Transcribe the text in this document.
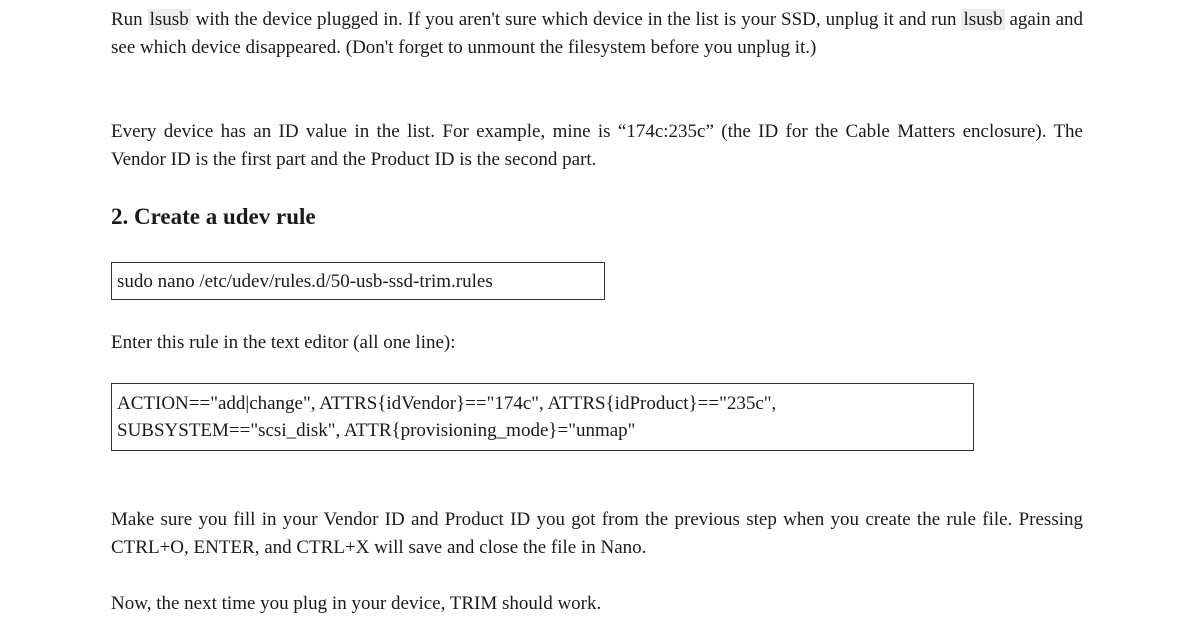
Run lsusb with the device plugged in. If you aren't sure which device in the list is your SSD, unplug it and run lsusb again and see which device disappeared. (Don't forget to unmount the filesystem before you unplug it.)

Every device has an ID value in the list. For example, mine is “174c:235c” (the ID for the Cable Matters enclosure). The Vendor ID is the first part and the Product ID is the second part.

2. Create a udev rule
sudo nano /etc/udev/rules.d/50-usb-ssd-trim.rules

Enter this rule in the text editor (all one line):

ACTION=="add|change", ATTRS{idVendor}=="174c", ATTRS{idProduct}=="235c",
SUBSYSTEM=="scsi_disk", ATTR{provisioning_mode}="unmap"

Make sure you fill in your Vendor ID and Product ID you got from the previous step when you create the rule file. Pressing CTRL+O, ENTER, and CTRL+X will save and close the file in Nano.

Now, the next time you plug in your device, TRIM should work.
